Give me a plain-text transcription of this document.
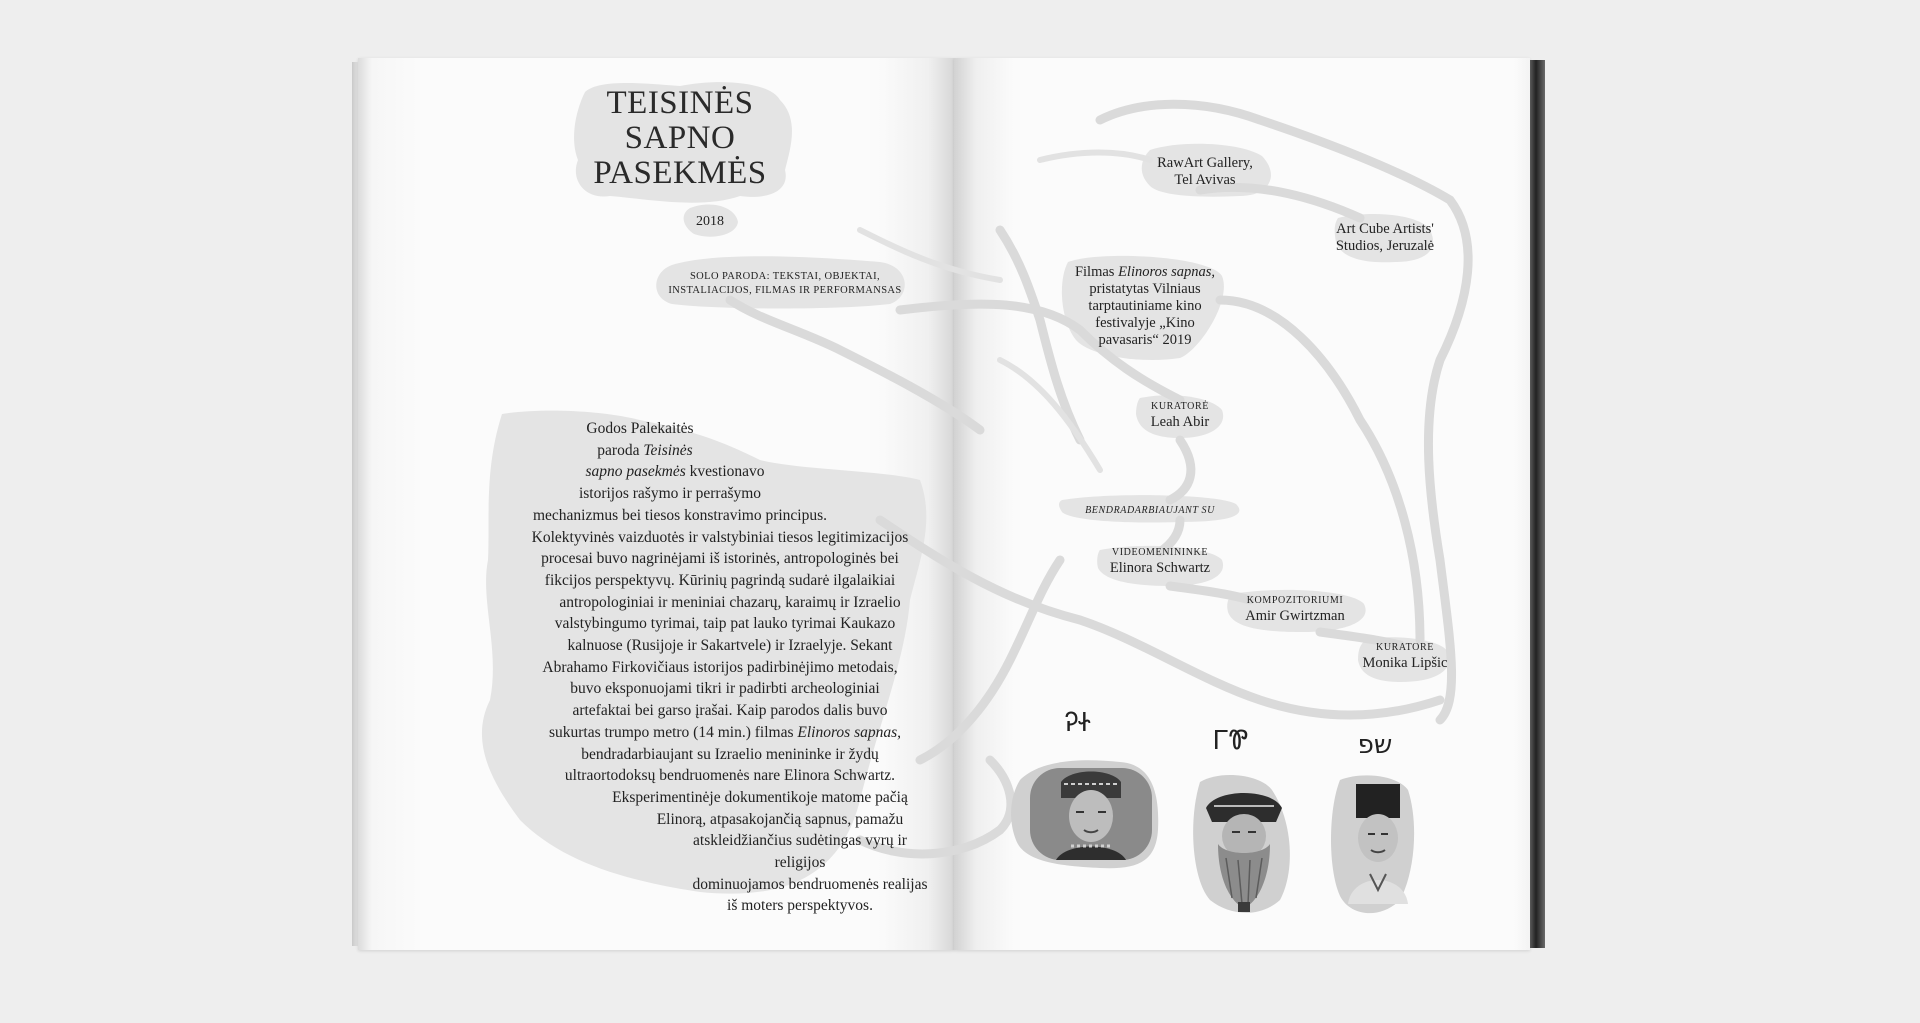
TEISINĖS
SAPNO
PASEKMĖS
2018
SOLO PARODA: TEKSTAI, OBJEKTAI,
INSTALIACIJOS, FILMAS IR PERFORMANSAS
Godos Palekaitės
paroda Teisinės
sapno pasekmės kvestionavo
istorijos rašymo ir perrašymo
mechanizmus bei tiesos konstravimo principus.
Kolektyvinės vaizduotės ir valstybiniai tiesos legitimizacijos
procesai buvo nagrinėjami iš istorinės, antropologinės bei
fikcijos perspektyvų. Kūrinių pagrindą sudarė ilgalaikiai
antropologiniai ir meniniai chazarų, karaimų ir Izraelio
valstybingumo tyrimai, taip pat lauko tyrimai Kaukazo
kalnuose (Rusijoje ir Sakartvele) ir Izraelyje. Sekant
Abrahamo Firkovičiaus istorijos padirbinėjimo metodais,
buvo eksponuojami tikri ir padirbti archeologiniai
artefaktai bei garso įrašai. Kaip parodos dalis buvo
sukurtas trumpo metro (14 min.) filmas Elinoros sapnas,
bendradarbiaujant su Izraelio menininke ir žydų
ultraortodoksų bendruomenės nare Elinora Schwartz.
Eksperimentinėje dokumentikoje matome pačią
Elinorą, atpasakojančią sapnus, pamažu
atskleidžiančius sudėtingas vyrų ir religijos
dominuojamos bendruomenės realijas
iš moters perspektyvos.
RawArt Gallery,
Tel Avivas
Art Cube Artists'
Studios, Jeruzalė
Filmas Elinoros sapnas,
pristatytas Vilniaus
tarptautiniame kino
festivalyje „Kino
pavasaris“ 2019
KURATORĖ
Leah Abir
BENDRADARBIAUJANT SU
VIDEOMENININKE
Elinora Schwartz
KOMPOZITORIUMI
Amir Gwirtzman
KURATORE
Monika Lipšic
ᎮᏐ
ᎱᏈ	שפ
